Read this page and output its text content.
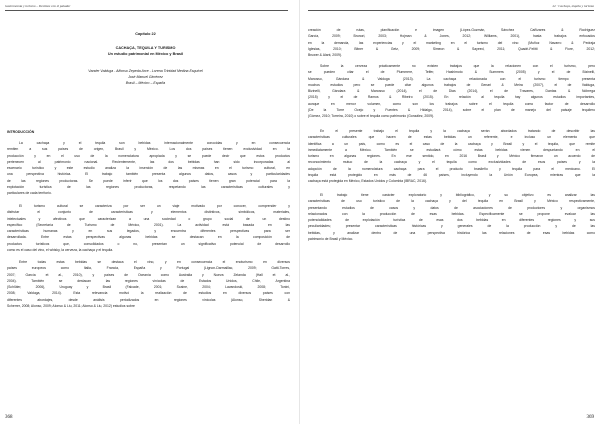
Gastronomía y turismo – Destinos con el paladar
Capítulo 22
CACHAÇA, TEQUILA Y TURISMO
Un estudio patrimonial en México y Brasil
Vander Valduga - Alfonso Zepeda Arce - Lorena Trinidad Medina Esquivel
José Manuel Giménez
Brasil – México – España
INTRODUCCIÓN
La cachaça y el tequila son bebidas internacionalmente conocidas y en consecuencia
remiten a sus países de origen, Brasil y México. Los dos países tienen exclusividad en la
producción y en el uso de la nomenclatura apropiada y se puede decir que estos productos
pertenecen al patrimonio nacional. Recientemente, las dos bebidas han sido incorporadas al
escenario turístico y este estudio analiza la inserción de las mismas en el turismo cultural, en
una perspectiva histórica. El trabajo también presenta algunos datos, casos y particularidades
de las regiones productoras. Se puede inferir que los dos países tienen gran potencial para la
explotación turística de las regiones productoras, respetando las características culturales y
particulares de cada territorio.
El turismo cultural se caracteriza por ser un viaje motivado por conocer, comprender y
disfrutar el conjunto de características y elementos distintivos, simbólicos, materiales,
intelectuales y afectivos que caracterizan a una sociedad o grupo social de un destino
específico (Secretaría de Turismo de México, 2001). La actividad está basada en las
características humanas y en sus legados, y encuentra diferentes perspectivas para ser
desarrollada. Entre estas perspectivas algunas bebidas se destacan en la composición de
productos turísticos que, consolidados o no, presentan un significativo potencial de desarrollo
como es el caso del vino, el whisky, la cerveza, la cachaça y el tequila.
Entre todas estas bebidas se destaca el vino, y en consecuencia el enoturismo en diversos
países europeos como Italia, Francia, España y Portugal (Lignon-Darmaillac, 2009; Gatti-Torres,
2007; García et al., 2010), y países de Oceanía como Australia y Nueva Zelanda (Hall et al.,
2004). También se destacan las regiones vinícolas de Estados Unidos, Chile, Argentina
(Schlüter, 2006), Uruguay y Brasil (Falcade, 2001; Scaine, 2004; Lavandoski, 2008; Tonini,
2008; Valduga, 2014). Esta relevancia motivó la realización de estudios en diversos países con
diferentes abordajes, desde análisis periodizados en regiones vinícolas (Alonso, Sheridan &
Scherrer, 2008; Alonso, 2009; Alonso & Liu, 2011; Alonso & Liu, 2012) estudios sobre
368
22 · Cachaça, tequila y turismo
creación de rutas, planificación e imagen (López-Guzmán, Sánchez Cañizares & Rodríguez
García, 2009; Brunori, 2003; Hojman & Jones, 2012; Williams, 2001), hasta trabajos enfocados
en la demanda, las experiencias y el marketing en el turismo del vino (Muñoz Navarro & Pedraja
Iglesias, 2010; Bitner & Getz, 2009; Simeon & Sayeed, 2011; Quadri-Felitti & Fiore, 2012;
Bruwer & Alant, 2009).
Sobre la cerveza prácticamente no existen trabajos que la relacionen con el turismo, pero
se pueden citar el de Plummere, Telfer, Hashimoto & Summers (2005) y el de Bizinelli,
Manosso, Gándara & Valduga (2013). La cachaça relacionada con el turismo tiempo presenta
muchos estudios pero se puede citar algunos trabajos de Genari & Meira (2007), el de Valduga,
Bizinelli, Gándara & Manosso (2014), el de Dias (2014), el de Travares, Dantas & Nóbrega
(2015) y el de Ramos & Ribeiro (2015). En relación al tequila hay algunos estudios importantes,
aunque en menor volumen, como son los trabajos sobre el tequila como factor de desarrollo
(De la Torre Ocejo y Fuentes & Hidalgo, 2014), sobre el plan de manejo del paisaje tequilero
(Gómez, 2010; Torreira, 2010) o sobre el tequila como patrimonio (González, 2009).
En el presente trabajo el tequila y la cachaça serán abordados tratando de describir las
características culturales que hacen de estas bebidas un referente, e incluso un elemento que
identifica a un país, como es el caso de la cachaça y Brasil y el tequila, que remite
inmediatamente a México. También se estudiará cómo estas bebidas vienen despuntando en el
turismo en algunas regiones. En ese sentido, en 2016 Brasil y México firmaron un acuerdo de
reconocimiento mutuo de la cachaça y el tequila como exclusividades de esos países y la
adopción de la nomenclatura cachaça para el producto brasileño y tequila para el mexicano. El
tequila está protegido en más de 46 países, incluyendo la Unión Europea, mientras que la
cachaça está protegida en México, Estados Unidos y Colombia (IBRAC, 2016).
El trabajo tiene carácter exploratorio y bibliográfico, y su objetivo es analizar las
características de uso turístico de la cachaça y del tequila en Brasil y México respectivamente,
presentando estudios de casos y datos de asociaciones de productores y organismos
relacionados con la producción de esas bebidas. Específicamente se propone evaluar las
potencialidades de explotación turística de esas dos bebidas en diferentes regiones y sus
peculiaridades; presentar características históricas y generales de la producción y de las
bebidas, y analizar dentro de una perspectiva histórica las relaciones de esas bebidas como
patrimonio de Brasil y México.
369
